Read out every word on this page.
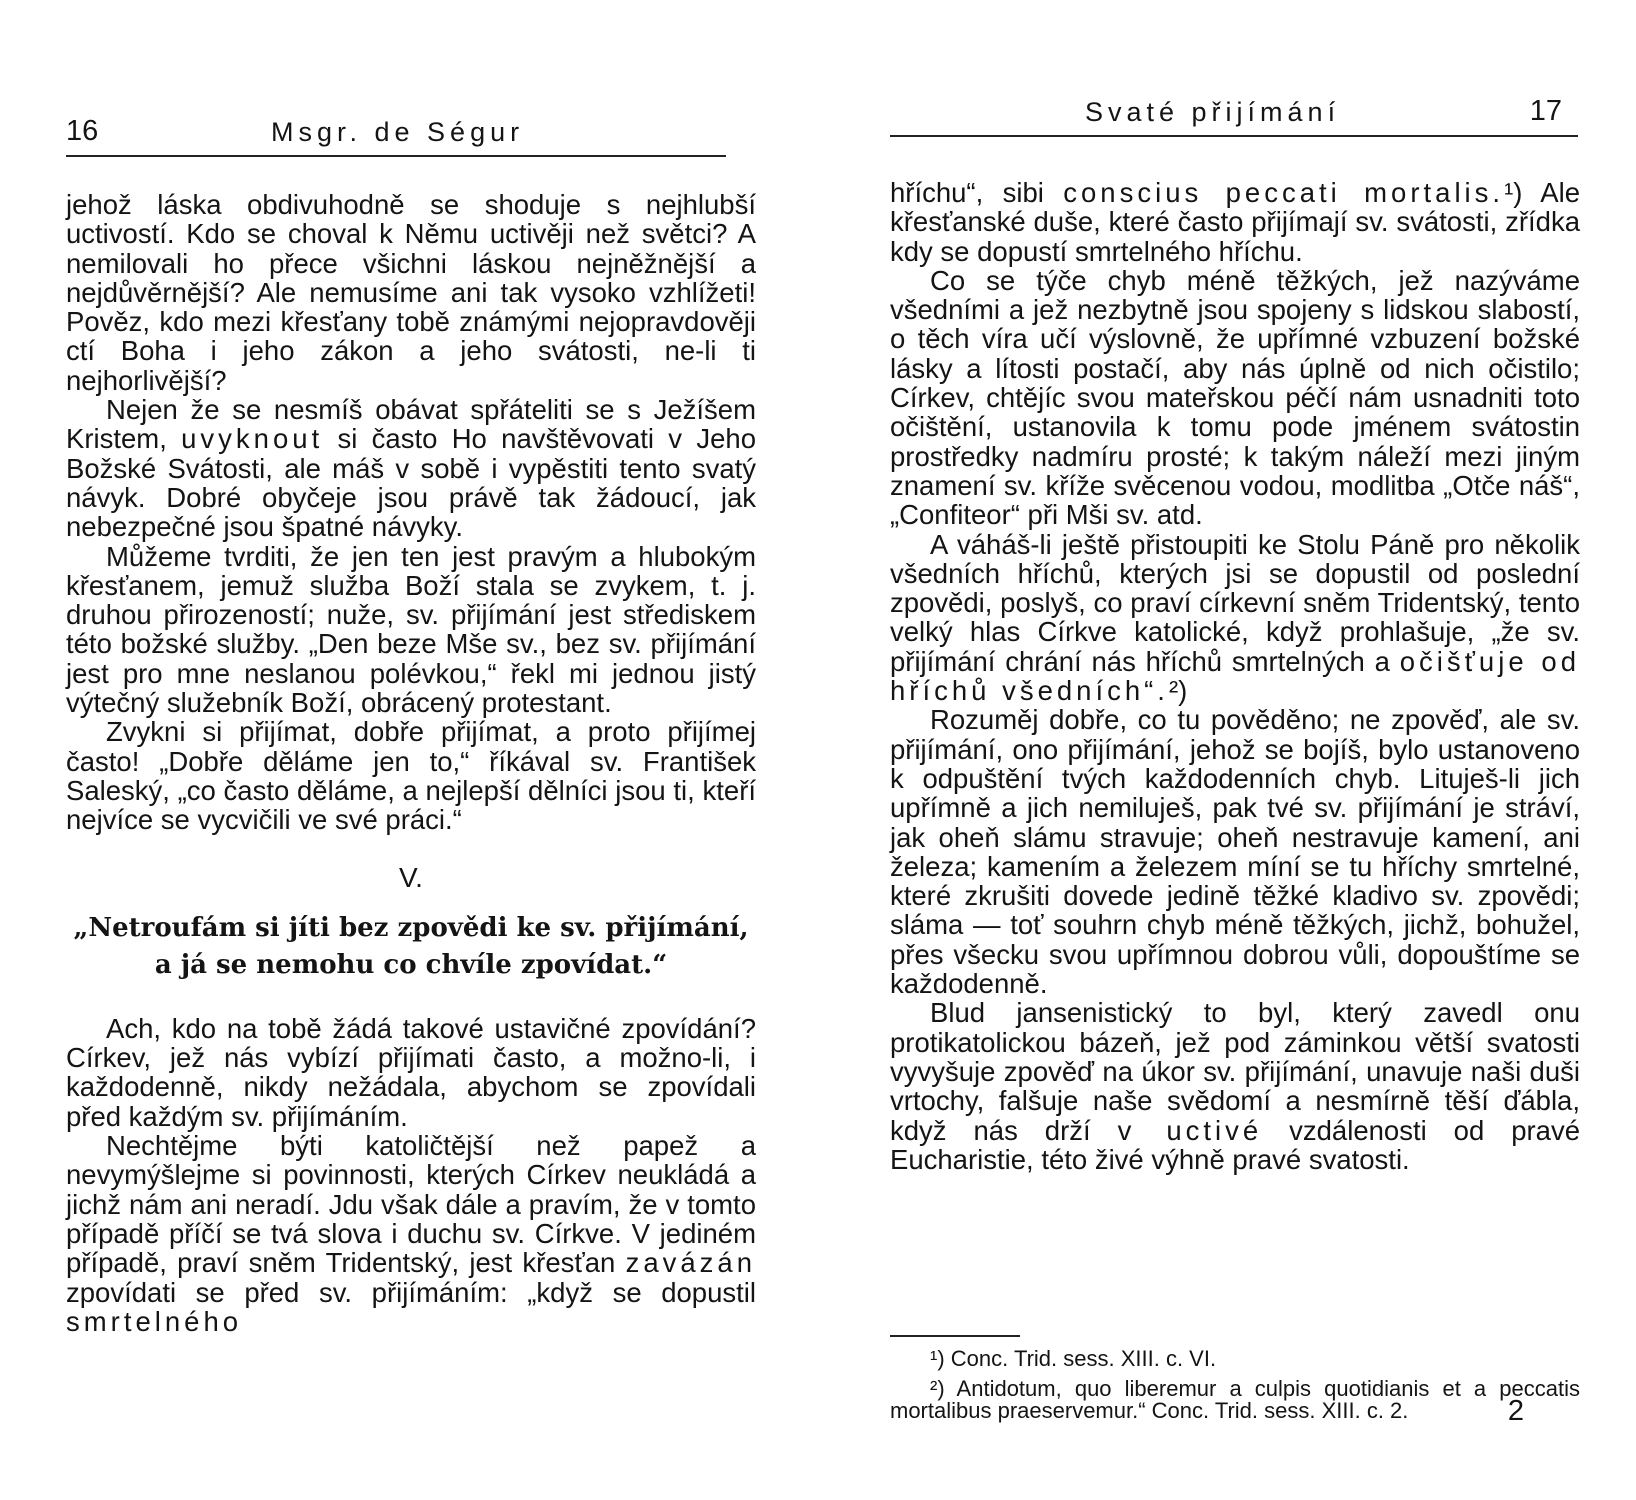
16	Msgr. de Ségur

jehož láska obdivuhodně se shoduje s nejhlubší uctivostí. Kdo se choval k Němu uctivěji než světci? A nemilovali ho přece všichni láskou nejněžnější a nejdůvěrnější? Ale nemusíme ani tak vysoko vzhlížeti! Pověz, kdo mezi křesťany tobě známými nejopravdověji ctí Boha i jeho zákon a jeho svátosti, ne-li ti nejhorlivější?

Nejen že se nesmíš obávat spřáteliti se s Ježíšem Kristem, uvyknout si často Ho navštěvovati v Jeho Božské Svátosti, ale máš v sobě i vypěstiti tento svatý návyk. Dobré obyčeje jsou právě tak žádoucí, jak nebezpečné jsou špatné návyky.

Můžeme tvrditi, že jen ten jest pravým a hlubokým křesťanem, jemuž služba Boží stala se zvykem, t. j. druhou přirozeností; nuže, sv. přijímání jest střediskem této božské služby. „Den beze Mše sv., bez sv. přijímání jest pro mne neslanou polévkou,“ řekl mi jednou jistý výtečný služebník Boží, obrácený protestant.

Zvykni si přijímat, dobře přijímat, a proto přijímej často! „Dobře děláme jen to,“ říkával sv. František Saleský, „co často děláme, a nejlepší dělníci jsou ti, kteří nejvíce se vycvičili ve své práci.“

V.
„Netroufám si jíti bez zpovědi ke sv. přijímání, a já se nemohu co chvíle zpovídat.“

Ach, kdo na tobě žádá takové ustavičné zpovídání? Církev, jež nás vybízí přijímati často, a možno-li, i každodenně, nikdy nežádala, abychom se zpovídali před každým sv. přijímáním.

Nechtějme býti katoličtější než papež a nevymýšlejme si povinnosti, kterých Církev neukládá a jichž nám ani neradí. Jdu však dále a pravím, že v tomto případě příčí se tvá slova i duchu sv. Církve. V jediném případě, praví sněm Tridentský, jest křesťan zavázán zpovídati se před sv. přijímáním: „když se dopustil smrtelného

Svaté přijímání	17

hříchu“, sibi conscius peccati mortalis.¹) Ale křesťanské duše, které často přijímají sv. svátosti, zřídka kdy se dopustí smrtelného hříchu.

Co se týče chyb méně těžkých, jež nazýváme všedními a jež nezbytně jsou spojeny s lidskou slabostí, o těch víra učí výslovně, že upřímné vzbuzení božské lásky a lítosti postačí, aby nás úplně od nich očistilo; Církev, chtějíc svou mateřskou péčí nám usnadniti toto očištění, ustanovila k tomu pode jménem svátostin prostředky nadmíru prosté; k takým náleží mezi jiným znamení sv. kříže svěcenou vodou, modlitba „Otče náš“, „Confiteor“ při Mši sv. atd.

A váháš-li ještě přistoupiti ke Stolu Páně pro několik všedních hříchů, kterých jsi se dopustil od poslední zpovědi, poslyš, co praví církevní sněm Tridentský, tento velký hlas Církve katolické, když prohlašuje, „že sv. přijímání chrání nás hříchů smrtelných a očišťuje od hříchů všedních“.²)

Rozuměj dobře, co tu pověděno; ne zpověď, ale sv. přijímání, ono přijímání, jehož se bojíš, bylo ustanoveno k odpuštění tvých každodenních chyb. Lituješ-li jich upřímně a jich nemiluješ, pak tvé sv. přijímání je stráví, jak oheň slámu stravuje; oheň nestravuje kamení, ani železa; kamením a železem míní se tu hříchy smrtelné, které zkrušiti dovede jedině těžké kladivo sv. zpovědi; sláma — toť souhrn chyb méně těžkých, jichž, bohužel, přes všecku svou upřímnou dobrou vůli, dopouštíme se každodenně.

Blud jansenistický to byl, který zavedl onu protikatolickou bázeň, jež pod záminkou větší svatosti vyvyšuje zpověď na úkor sv. přijímání, unavuje naši duši vrtochy, falšuje naše svědomí a nesmírně těší ďábla, když nás drží v uctivé vzdálenosti od pravé Eucharistie, této živé výhně pravé svatosti.

¹) Conc. Trid. sess. XIII. c. VI.

²) Antidotum, quo liberemur a culpis quotidianis et a peccatis mortalibus praeservemur.“ Conc. Trid. sess. XIII. c. 2.	2
